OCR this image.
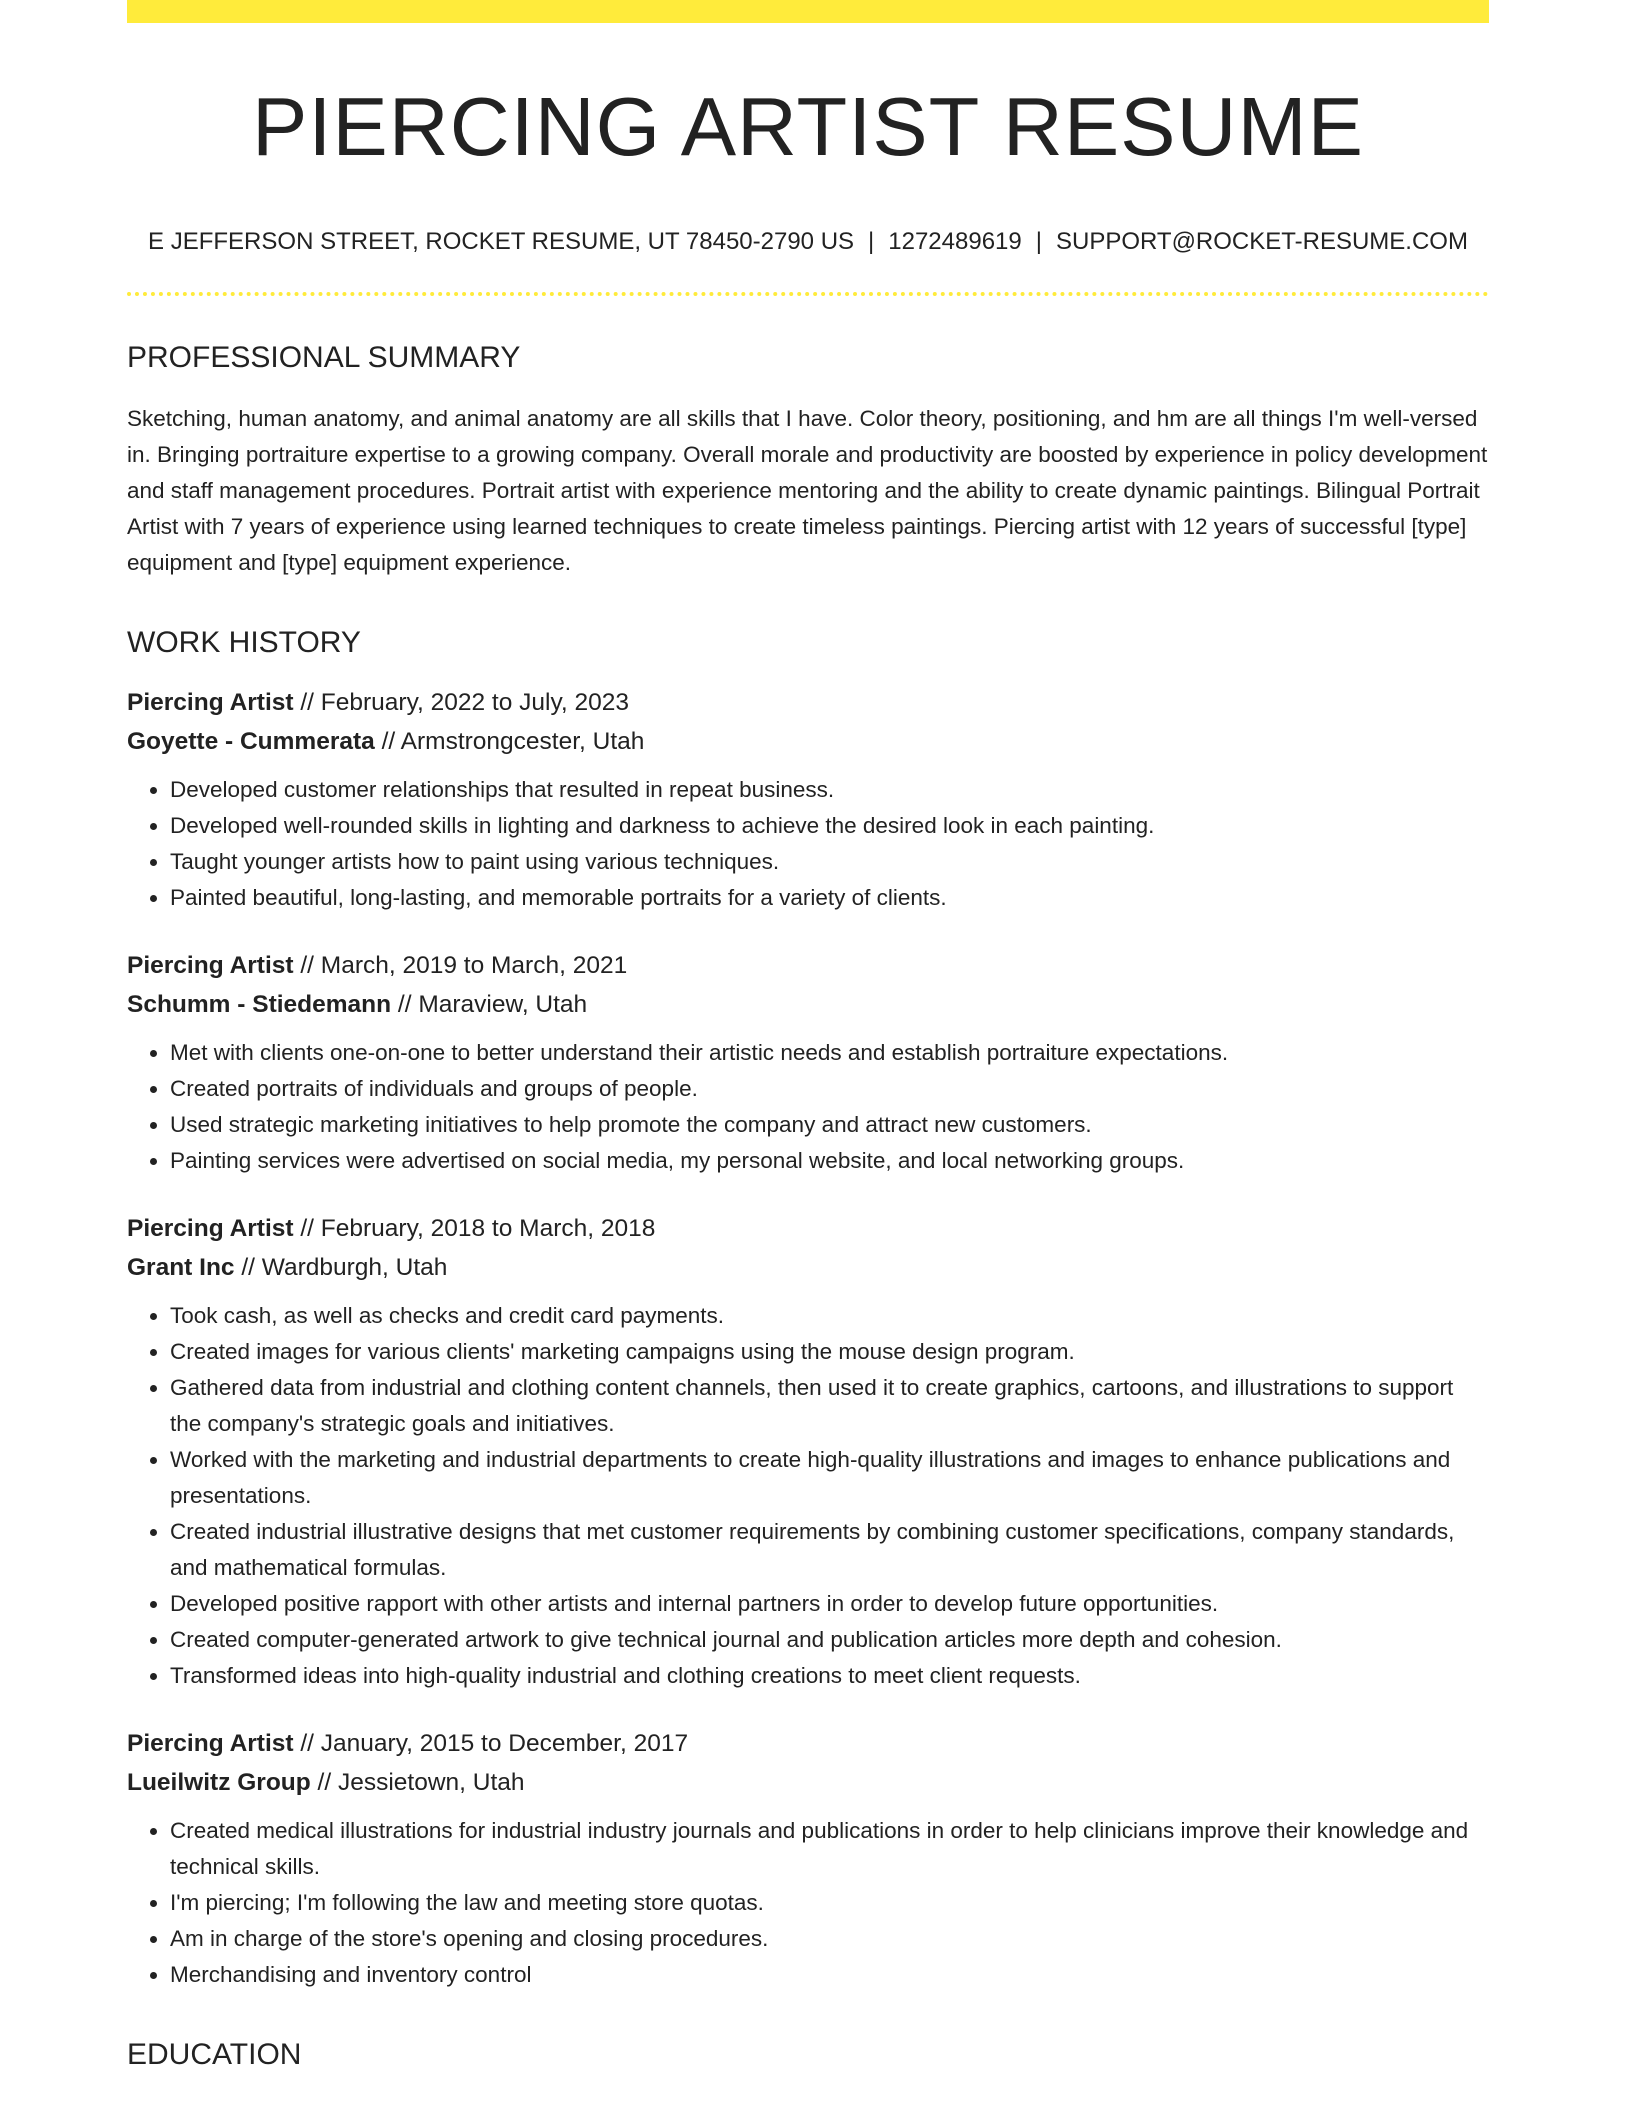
PIERCING ARTIST RESUME
E JEFFERSON STREET, ROCKET RESUME, UT 78450-2790 US | 1272489619 | SUPPORT@ROCKET-RESUME.COM
PROFESSIONAL SUMMARY
Sketching, human anatomy, and animal anatomy are all skills that I have. Color theory, positioning, and hm are all things I'm well-versed in. Bringing portraiture expertise to a growing company. Overall morale and productivity are boosted by experience in policy development and staff management procedures. Portrait artist with experience mentoring and the ability to create dynamic paintings. Bilingual Portrait Artist with 7 years of experience using learned techniques to create timeless paintings. Piercing artist with 12 years of successful [type] equipment and [type] equipment experience.
WORK HISTORY
Piercing Artist // February, 2022 to July, 2023
Goyette - Cummerata // Armstrongcester, Utah
• Developed customer relationships that resulted in repeat business.
• Developed well-rounded skills in lighting and darkness to achieve the desired look in each painting.
• Taught younger artists how to paint using various techniques.
• Painted beautiful, long-lasting, and memorable portraits for a variety of clients.
Piercing Artist // March, 2019 to March, 2021
Schumm - Stiedemann // Maraview, Utah
• Met with clients one-on-one to better understand their artistic needs and establish portraiture expectations.
• Created portraits of individuals and groups of people.
• Used strategic marketing initiatives to help promote the company and attract new customers.
• Painting services were advertised on social media, my personal website, and local networking groups.
Piercing Artist // February, 2018 to March, 2018
Grant Inc // Wardburgh, Utah
• Took cash, as well as checks and credit card payments.
• Created images for various clients' marketing campaigns using the mouse design program.
• Gathered data from industrial and clothing content channels, then used it to create graphics, cartoons, and illustrations to support the company's strategic goals and initiatives.
• Worked with the marketing and industrial departments to create high-quality illustrations and images to enhance publications and presentations.
• Created industrial illustrative designs that met customer requirements by combining customer specifications, company standards, and mathematical formulas.
• Developed positive rapport with other artists and internal partners in order to develop future opportunities.
• Created computer-generated artwork to give technical journal and publication articles more depth and cohesion.
• Transformed ideas into high-quality industrial and clothing creations to meet client requests.
Piercing Artist // January, 2015 to December, 2017
Lueilwitz Group // Jessietown, Utah
• Created medical illustrations for industrial industry journals and publications in order to help clinicians improve their knowledge and technical skills.
• I'm piercing; I'm following the law and meeting store quotas.
• Am in charge of the store's opening and closing procedures.
• Merchandising and inventory control
EDUCATION
